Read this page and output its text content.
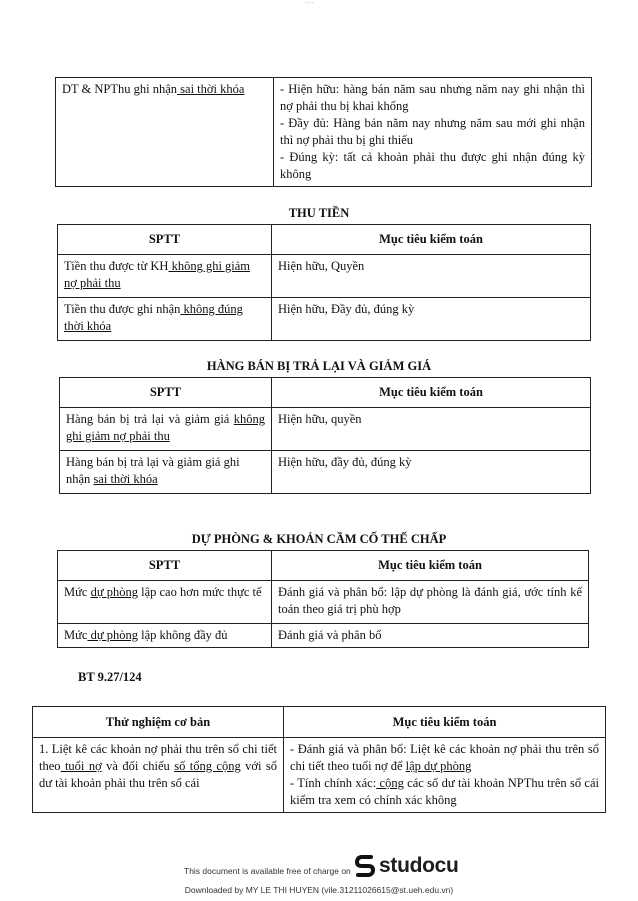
⁃⁃⁃
DT & NPThu ghi nhận sai thời khóa	- Hiện hữu: hàng bán năm sau nhưng năm nay ghi nhận thì nợ phải thu bị khai khống
- Đầy đủ: Hàng bán năm nay nhưng năm sau mới ghi nhận thì nợ phải thu bị ghi thiếu
- Đúng kỳ: tất cả khoản phải thu được ghi nhận đúng kỳ không
THU TIỀN
SPTT	Mục tiêu kiểm toán
Tiền thu được từ KH không ghi giảm nợ phải thu	Hiện hữu, Quyền
Tiền thu được ghi nhận không đúng thời khóa	Hiện hữu, Đầy đủ, đúng kỳ
HÀNG BÁN BỊ TRẢ LẠI VÀ GIẢM GIÁ
SPTT	Mục tiêu kiểm toán
Hàng bán bị trả lại và giảm giá không ghi giảm nợ phải thu	Hiện hữu, quyền
Hàng bán bị trả lại và giảm giá ghi nhận sai thời khóa	Hiện hữu, đầy đủ, đúng kỳ
DỰ PHÒNG & KHOẢN CẦM CỐ THẾ CHẤP
SPTT	Mục tiêu kiểm toán
Mức dự phòng lập cao hơn mức thực tế	Đánh giá và phân bổ: lập dự phòng là đánh giá, ước tính kế toán theo giá trị phù hợp
Mức dự phòng lập không đầy đủ	Đánh giá và phân bổ
BT 9.27/124
Thử nghiệm cơ bản	Mục tiêu kiểm toán
1. Liệt kê các khoản nợ phải thu trên sổ chi tiết theo tuổi nợ và đối chiếu số tổng cộng với số dư tài khoản phải thu trên sổ cái	- Đánh giá và phân bổ: Liệt kê các khoản nợ phải thu trên sổ chi tiết theo tuổi nợ để lập dự phòng
- Tính chính xác: cộng các số dư tài khoản NPThu trên sổ cái kiểm tra xem có chính xác không
This document is available free of charge on studocu
Downloaded by MY LE THI HUYEN (vile.31211026615@st.ueh.edu.vn)
